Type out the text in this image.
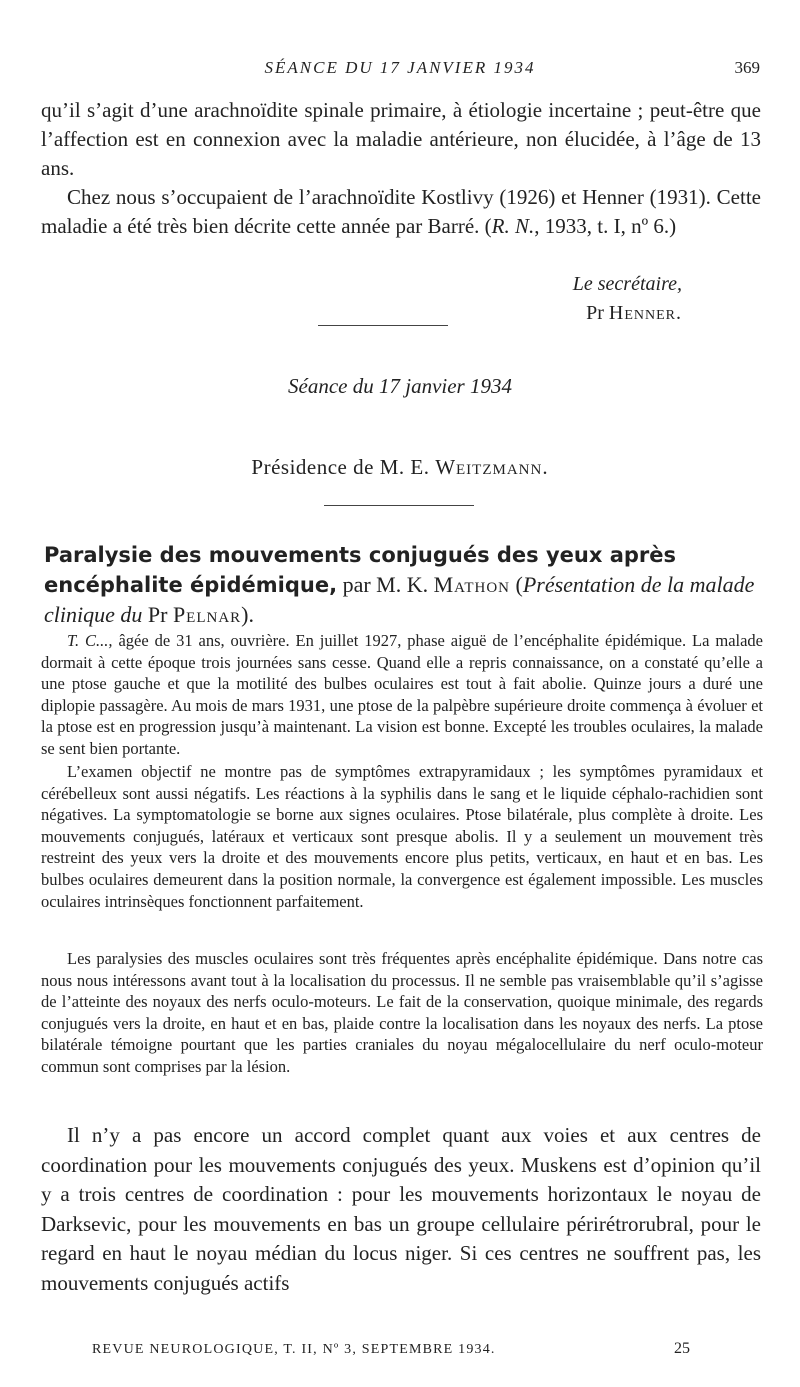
SÉANCE DU 17 JANVIER 1934	369

qu’il s’agit d’une arachnoïdite spinale primaire, à étiologie incertaine ; peut-être que l’affection est en connexion avec la maladie antérieure, non élucidée, à l’âge de 13 ans.

Chez nous s’occupaient de l’arachnoïdite Kostlivy (1926) et Henner (1931). Cette maladie a été très bien décrite cette année par Barré. (R. N., 1933, t. I, nº 6.)

Le secrétaire,
Pr Henner.
Séance du 17 janvier 1934
Présidence de M. E. Weitzmann.

Paralysie des mouvements conjugués des yeux après encéphalite épidémique, par M. K. Mathon (Présentation de la malade clinique du Pr Pelnar).

T. C..., âgée de 31 ans, ouvrière. En juillet 1927, phase aiguë de l’encéphalite épidémique. La malade dormait à cette époque trois journées sans cesse. Quand elle a repris connaissance, on a constaté qu’elle a une ptose gauche et que la motilité des bulbes oculaires est tout à fait abolie. Quinze jours a duré une diplopie passagère. Au mois de mars 1931, une ptose de la palpèbre supérieure droite commença à évoluer et la ptose est en progression jusqu’à maintenant. La vision est bonne. Excepté les troubles oculaires, la malade se sent bien portante.

L’examen objectif ne montre pas de symptômes extrapyramidaux ; les symptômes pyramidaux et cérébelleux sont aussi négatifs. Les réactions à la syphilis dans le sang et le liquide céphalo-rachidien sont négatives. La symptomatologie se borne aux signes oculaires. Ptose bilatérale, plus complète à droite. Les mouvements conjugués, latéraux et verticaux sont presque abolis. Il y a seulement un mouvement très restreint des yeux vers la droite et des mouvements encore plus petits, verticaux, en haut et en bas. Les bulbes oculaires demeurent dans la position normale, la convergence est également impossible. Les muscles oculaires intrinsèques fonctionnent parfaitement.

Les paralysies des muscles oculaires sont très fréquentes après encéphalite épidémique. Dans notre cas nous nous intéressons avant tout à la localisation du processus. Il ne semble pas vraisemblable qu’il s’agisse de l’atteinte des noyaux des nerfs oculo-moteurs. Le fait de la conservation, quoique minimale, des regards conjugués vers la droite, en haut et en bas, plaide contre la localisation dans les noyaux des nerfs. La ptose bilatérale témoigne pourtant que les parties craniales du noyau mégalocellulaire du nerf oculo-moteur commun sont comprises par la lésion.

Il n’y a pas encore un accord complet quant aux voies et aux centres de coordination pour les mouvements conjugués des yeux. Muskens est d’opinion qu’il y a trois centres de coordination : pour les mouvements horizontaux le noyau de Darksevic, pour les mouvements en bas un groupe cellulaire périrétrorubral, pour le regard en haut le noyau médian du locus niger. Si ces centres ne souffrent pas, les mouvements conjugués actifs

REVUE NEUROLOGIQUE, T. II, Nº 3, SEPTEMBRE 1934.	25
